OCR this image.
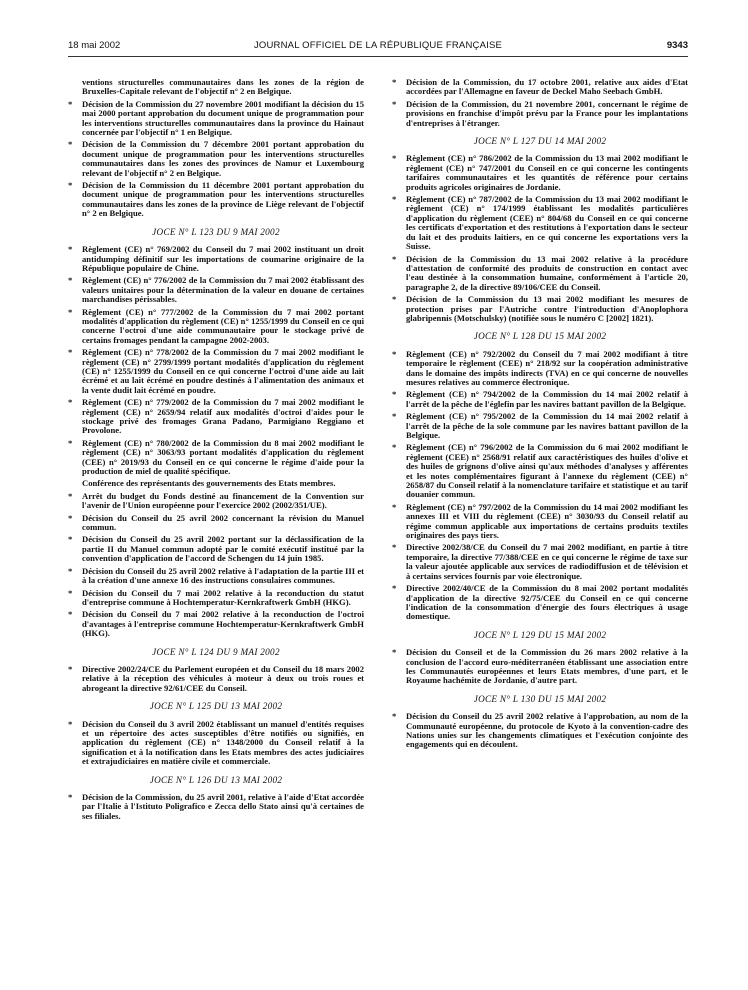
18 mai 2002	JOURNAL OFFICIEL DE LA RÉPUBLIQUE FRANÇAISE	9343

ventions structurelles communautaires dans les zones de la région de Bruxelles-Capitale relevant de l'objectif n° 2 en Belgique.

* Décision de la Commission du 27 novembre 2001 modifiant la décision du 15 mai 2000 portant approbation du document unique de programmation pour les interventions structurelles communautaires dans la province du Hainaut concernée par l'objectif n° 1 en Belgique.

* Décision de la Commission du 7 décembre 2001 portant approbation du document unique de programmation pour les interventions structurelles communautaires dans les zones des provinces de Namur et Luxembourg relevant de l'objectif n° 2 en Belgique.

* Décision de la Commission du 11 décembre 2001 portant approbation du document unique de programmation pour les interventions structurelles communautaires dans les zones de la province de Liège relevant de l'objectif n° 2 en Belgique.

JOCE N° L 123 DU 9 MAI 2002

* Règlement (CE) n° 769/2002 du Conseil du 7 mai 2002 instituant un droit antidumping définitif sur les importations de coumarine originaire de la République populaire de Chine.

* Règlement (CE) n° 776/2002 de la Commission du 7 mai 2002 établissant des valeurs unitaires pour la détermination de la valeur en douane de certaines marchandises périssables.

* Règlement (CE) n° 777/2002 de la Commission du 7 mai 2002 portant modalités d'application du règlement (CE) n° 1255/1999 du Conseil en ce qui concerne l'octroi d'une aide communautaire pour le stockage privé de certains fromages pendant la campagne 2002-2003.

* Règlement (CE) n° 778/2002 de la Commission du 7 mai 2002 modifiant le règlement (CE) n° 2799/1999 portant modalités d'application du règlement (CE) n° 1255/1999 du Conseil en ce qui concerne l'octroi d'une aide au lait écrémé et au lait écrémé en poudre destinés à l'alimentation des animaux et la vente dudit lait écrémé en poudre.

* Règlement (CE) n° 779/2002 de la Commission du 7 mai 2002 modifiant le règlement (CE) n° 2659/94 relatif aux modalités d'octroi d'aides pour le stockage privé des fromages Grana Padano, Parmigiano Reggiano et Provolone.

* Règlement (CE) n° 780/2002 de la Commission du 8 mai 2002 modifiant le règlement (CE) n° 3063/93 portant modalités d'application du règlement (CEE) n° 2019/93 du Conseil en ce qui concerne le régime d'aide pour la production de miel de qualité spécifique.

Conférence des représentants des gouvernements des Etats membres.

* Arrêt du budget du Fonds destiné au financement de la Convention sur l'avenir de l'Union européenne pour l'exercice 2002 (2002/351/UE).

* Décision du Conseil du 25 avril 2002 concernant la révision du Manuel commun.

* Décision du Conseil du 25 avril 2002 portant sur la déclassification de la partie II du Manuel commun adopté par le comité exécutif institué par la convention d'application de l'accord de Schengen du 14 juin 1985.

* Décision du Conseil du 25 avril 2002 relative à l'adaptation de la partie III et à la création d'une annexe 16 des instructions consulaires communes.

* Décision du Conseil du 7 mai 2002 relative à la reconduction du statut d'entreprise commune à Hochtemperatur-Kernkraftwerk GmbH (HKG).

* Décision du Conseil du 7 mai 2002 relative à la reconduction de l'octroi d'avantages à l'entreprise commune Hochtemperatur-Kernkraftwerk GmbH (HKG).

JOCE N° L 124 DU 9 MAI 2002

* Directive 2002/24/CE du Parlement européen et du Conseil du 18 mars 2002 relative à la réception des véhicules à moteur à deux ou trois roues et abrogeant la directive 92/61/CEE du Conseil.

JOCE N° L 125 DU 13 MAI 2002

* Décision du Conseil du 3 avril 2002 établissant un manuel d'entités requises et un répertoire des actes susceptibles d'être notifiés ou signifiés, en application du règlement (CE) n° 1348/2000 du Conseil relatif à la signification et à la notification dans les Etats membres des actes judiciaires et extrajudiciaires en matière civile et commerciale.

JOCE N° L 126 DU 13 MAI 2002

* Décision de la Commission, du 25 avril 2001, relative à l'aide d'Etat accordée par l'Italie à l'Istituto Poligrafico e Zecca dello Stato ainsi qu'à certaines de ses filiales.

* Décision de la Commission, du 17 octobre 2001, relative aux aides d'Etat accordées par l'Allemagne en faveur de Deckel Maho Seebach GmbH.

* Décision de la Commission, du 21 novembre 2001, concernant le régime de provisions en franchise d'impôt prévu par la France pour les implantations d'entreprises à l'étranger.

JOCE N° L 127 DU 14 MAI 2002

* Règlement (CE) n° 786/2002 de la Commission du 13 mai 2002 modifiant le règlement (CE) n° 747/2001 du Conseil en ce qui concerne les contingents tarifaires communautaires et les quantités de référence pour certains produits agricoles originaires de Jordanie.

* Règlement (CE) n° 787/2002 de la Commission du 13 mai 2002 modifiant le règlement (CE) n° 174/1999 établissant les modalités particulières d'application du règlement (CEE) n° 804/68 du Conseil en ce qui concerne les certificats d'exportation et des restitutions à l'exportation dans le secteur du lait et des produits laitiers, en ce qui concerne les exportations vers la Suisse.

* Décision de la Commission du 13 mai 2002 relative à la procédure d'attestation de conformité des produits de construction en contact avec l'eau destinée à la consommation humaine, conformément à l'article 20, paragraphe 2, de la directive 89/106/CEE du Conseil.

* Décision de la Commission du 13 mai 2002 modifiant les mesures de protection prises par l'Autriche contre l'introduction d'Anoplophora glabripennis (Motschulsky) (notifiée sous le numéro C [2002] 1821).

JOCE N° L 128 DU 15 MAI 2002

* Règlement (CE) n° 792/2002 du Conseil du 7 mai 2002 modifiant à titre temporaire le règlement (CEE) n° 218/92 sur la coopération administrative dans le domaine des impôts indirects (TVA) en ce qui concerne de nouvelles mesures relatives au commerce électronique.

* Règlement (CE) n° 794/2002 de la Commission du 14 mai 2002 relatif à l'arrêt de la pêche de l'églefin par les navires battant pavillon de la Belgique.

* Règlement (CE) n° 795/2002 de la Commission du 14 mai 2002 relatif à l'arrêt de la pêche de la sole commune par les navires battant pavillon de la Belgique.

* Règlement (CE) n° 796/2002 de la Commission du 6 mai 2002 modifiant le règlement (CEE) n° 2568/91 relatif aux caractéristiques des huiles d'olive et des huiles de grignons d'olive ainsi qu'aux méthodes d'analyses y afférentes et les notes complémentaires figurant à l'annexe du règlement (CEE) n° 2658/87 du Conseil relatif à la nomenclature tarifaire et statistique et au tarif douanier commun.

* Règlement (CE) n° 797/2002 de la Commission du 14 mai 2002 modifiant les annexes III et VIII du règlement (CEE) n° 3030/93 du Conseil relatif au régime commun applicable aux importations de certains produits textiles originaires des pays tiers.

* Directive 2002/38/CE du Conseil du 7 mai 2002 modifiant, en partie à titre temporaire, la directive 77/388/CEE en ce qui concerne le régime de taxe sur la valeur ajoutée applicable aux services de radiodiffusion et de télévision et à certains services fournis par voie électronique.

* Directive 2002/40/CE de la Commission du 8 mai 2002 portant modalités d'application de la directive 92/75/CEE du Conseil en ce qui concerne l'indication de la consommation d'énergie des fours électriques à usage domestique.

JOCE N° L 129 DU 15 MAI 2002

* Décision du Conseil et de la Commission du 26 mars 2002 relative à la conclusion de l'accord euro-méditerranéen établissant une association entre les Communautés européennes et leurs Etats membres, d'une part, et le Royaume hachémite de Jordanie, d'autre part.

JOCE N° L 130 DU 15 MAI 2002

* Décision du Conseil du 25 avril 2002 relative à l'approbation, au nom de la Communauté européenne, du protocole de Kyoto à la convention-cadre des Nations unies sur les changements climatiques et l'exécution conjointe des engagements qui en découlent.
